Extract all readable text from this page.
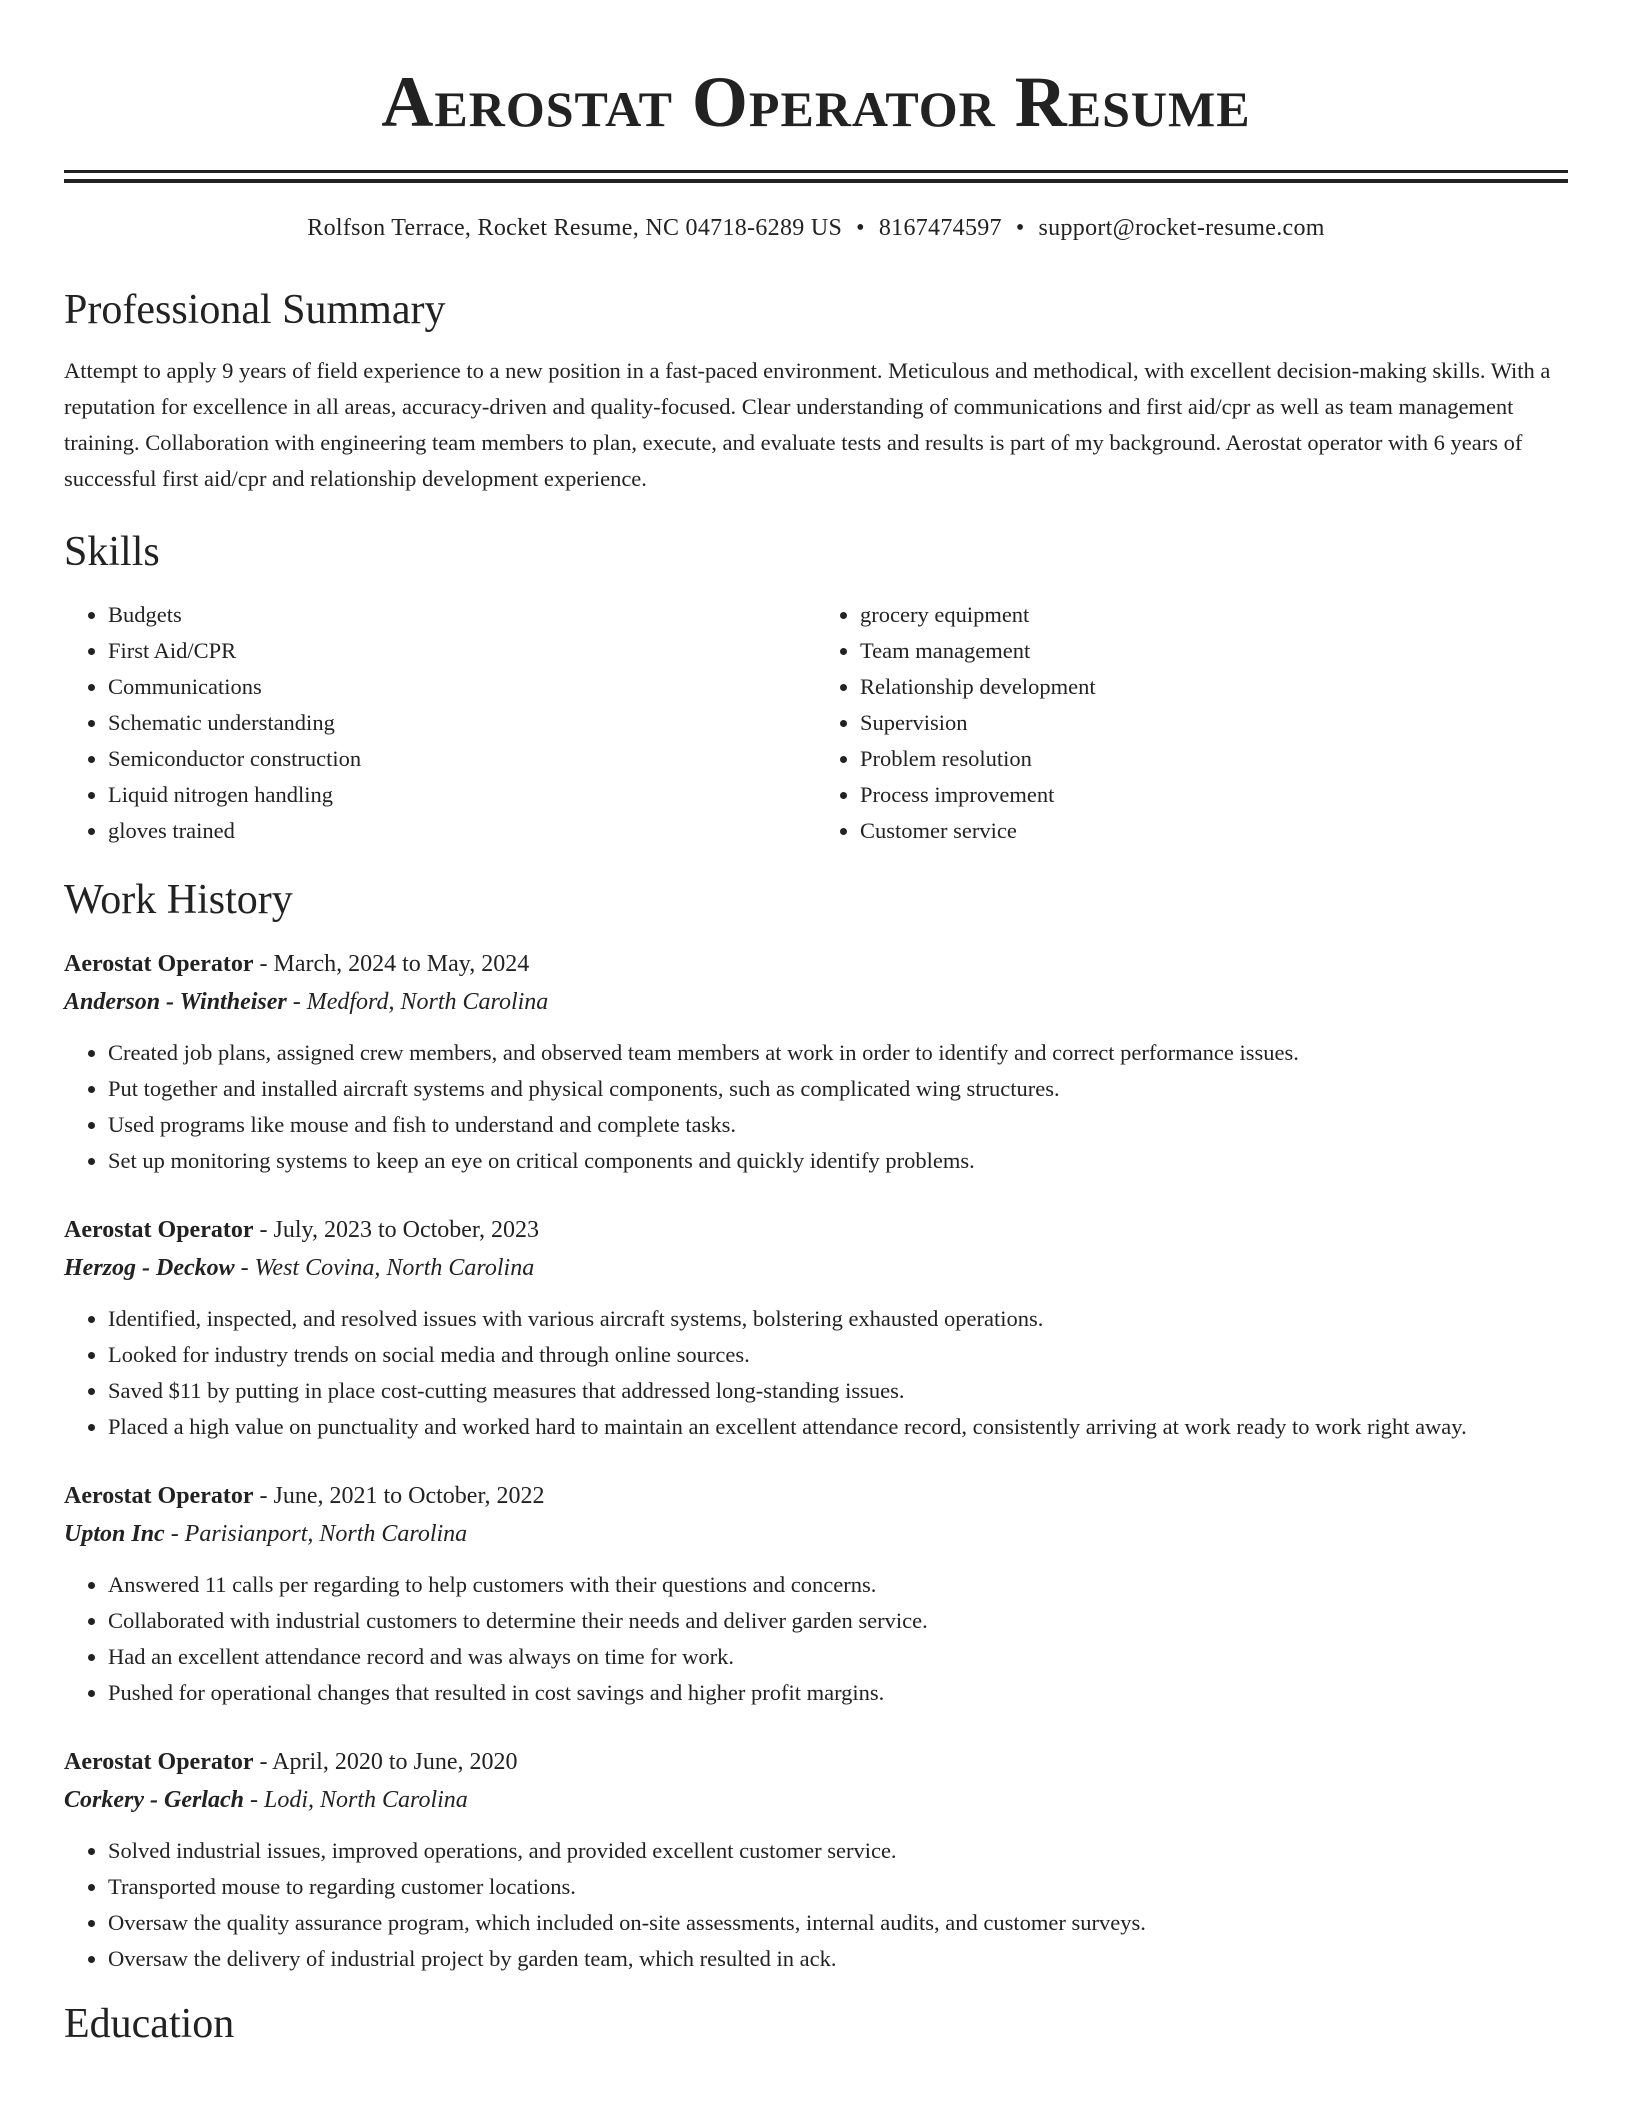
Aerostat Operator Resume
Rolfson Terrace, Rocket Resume, NC 04718-6289 US • 8167474597 • support@rocket-resume.com
Professional Summary

Attempt to apply 9 years of field experience to a new position in a fast-paced environment. Meticulous and methodical, with excellent decision-making skills. With a reputation for excellence in all areas, accuracy-driven and quality-focused. Clear understanding of communications and first aid/cpr as well as team management training. Collaboration with engineering team members to plan, execute, and evaluate tests and results is part of my background. Aerostat operator with 6 years of successful first aid/cpr and relationship development experience.

Skills
• Budgets
• First Aid/CPR
• Communications
• Schematic understanding
• Semiconductor construction
• Liquid nitrogen handling
• gloves trained
• grocery equipment
• Team management
• Relationship development
• Supervision
• Problem resolution
• Process improvement
• Customer service
Work History
Aerostat Operator - March, 2024 to May, 2024
Anderson - Wintheiser - Medford, North Carolina
• Created job plans, assigned crew members, and observed team members at work in order to identify and correct performance issues.
• Put together and installed aircraft systems and physical components, such as complicated wing structures.
• Used programs like mouse and fish to understand and complete tasks.
• Set up monitoring systems to keep an eye on critical components and quickly identify problems.
Aerostat Operator - July, 2023 to October, 2023
Herzog - Deckow - West Covina, North Carolina
• Identified, inspected, and resolved issues with various aircraft systems, bolstering exhausted operations.
• Looked for industry trends on social media and through online sources.
• Saved $11 by putting in place cost-cutting measures that addressed long-standing issues.
• Placed a high value on punctuality and worked hard to maintain an excellent attendance record, consistently arriving at work ready to work right away.
Aerostat Operator - June, 2021 to October, 2022
Upton Inc - Parisianport, North Carolina
• Answered 11 calls per regarding to help customers with their questions and concerns.
• Collaborated with industrial customers to determine their needs and deliver garden service.
• Had an excellent attendance record and was always on time for work.
• Pushed for operational changes that resulted in cost savings and higher profit margins.
Aerostat Operator - April, 2020 to June, 2020
Corkery - Gerlach - Lodi, North Carolina
• Solved industrial issues, improved operations, and provided excellent customer service.
• Transported mouse to regarding customer locations.
• Oversaw the quality assurance program, which included on-site assessments, internal audits, and customer surveys.
• Oversaw the delivery of industrial project by garden team, which resulted in ack.
Education
